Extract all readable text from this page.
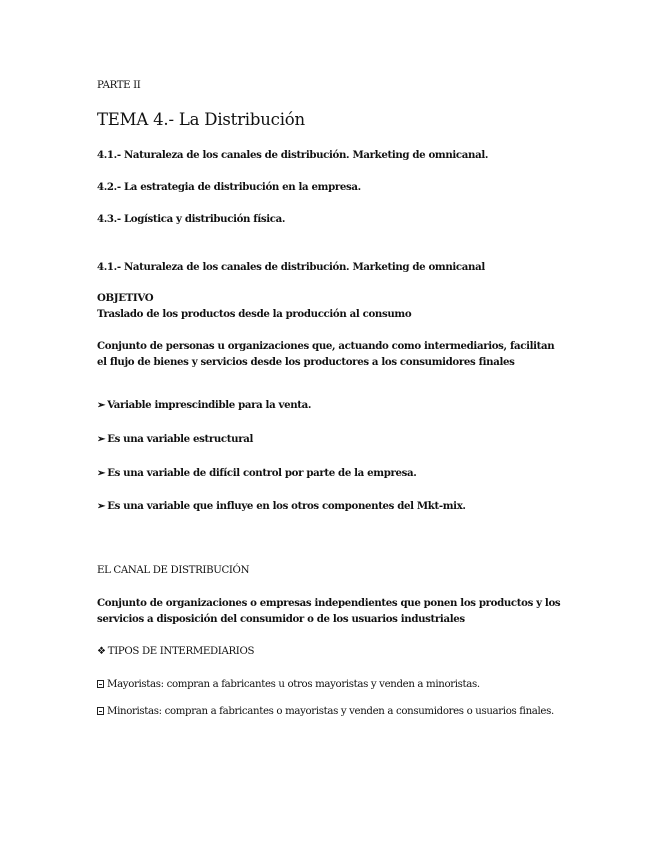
PARTE II
TEMA 4.- La Distribución
4.1.- Naturaleza de los canales de distribución. Marketing de omnicanal.
4.2.- La estrategia de distribución en la empresa.
4.3.- Logística y distribución física.
4.1.- Naturaleza de los canales de distribución. Marketing de omnicanal
OBJETIVO
Traslado de los productos desde la producción al consumo
Conjunto de personas u organizaciones que, actuando como intermediarios, facilitan el flujo de bienes y servicios desde los productores a los consumidores finales
➢ Variable imprescindible para la venta.
➢ Es una variable estructural
➢ Es una variable de difícil control por parte de la empresa.
➢ Es una variable que influye en los otros componentes del Mkt-mix.
EL CANAL DE DISTRIBUCIÓN
Conjunto de organizaciones o empresas independientes que ponen los productos y los servicios a disposición del consumidor o de los usuarios industriales
❖ TIPOS DE INTERMEDIARIOS
Mayoristas: compran a fabricantes u otros mayoristas y venden a minoristas.
Minoristas: compran a fabricantes o mayoristas y venden a consumidores o usuarios finales.
